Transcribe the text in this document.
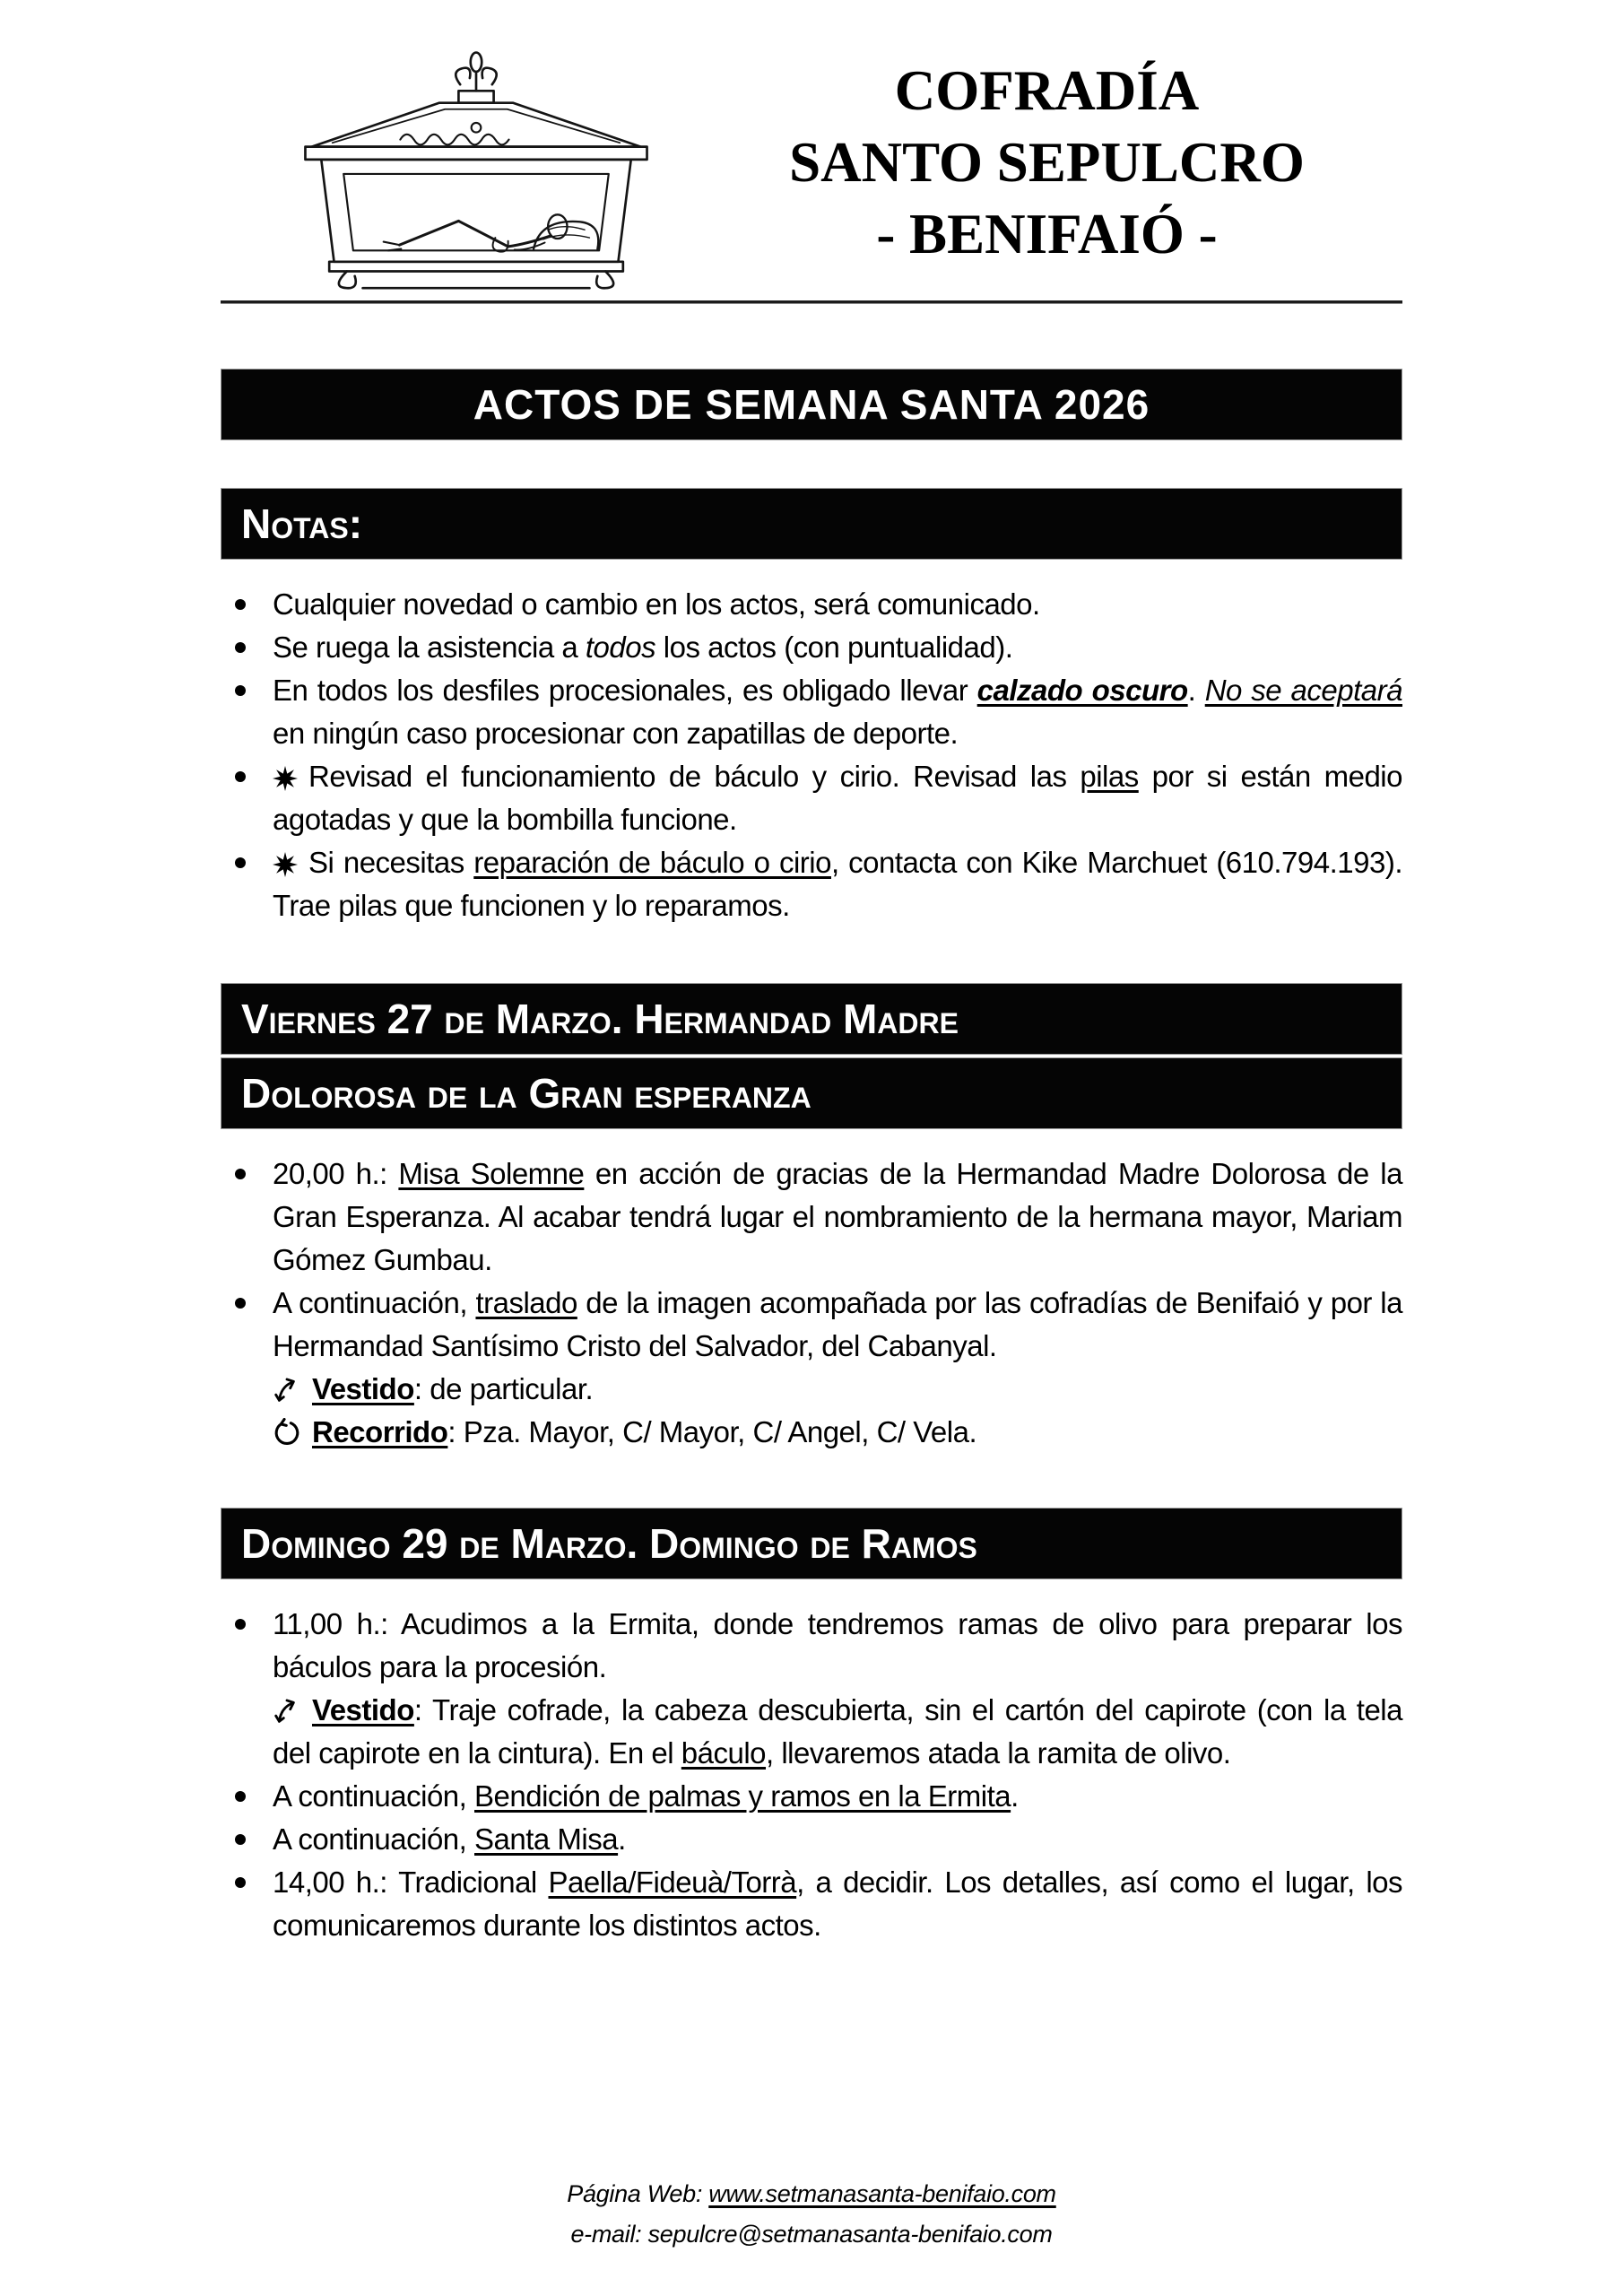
COFRADÍA
SANTO SEPULCRO
- BENIFAIÓ -
ACTOS DE SEMANA SANTA 2026
Notas:
Cualquier novedad o cambio en los actos, será comunicado.
Se ruega la asistencia a todos los actos (con puntualidad).
En todos los desfiles procesionales, es obligado llevar calzado oscuro. No se aceptará en ningún caso procesionar con zapatillas de deporte.
Revisad el funcionamiento de báculo y cirio. Revisad las pilas por si están medio agotadas y que la bombilla funcione.
Si necesitas reparación de báculo o cirio, contacta con Kike Marchuet (610.794.193). Trae pilas que funcionen y lo reparamos.
Viernes 27 de Marzo. Hermandad Madre
Dolorosa de la Gran esperanza
20,00 h.: Misa Solemne en acción de gracias de la Hermandad Madre Dolorosa de la Gran Esperanza. Al acabar tendrá lugar el nombramiento de la hermana mayor, Mariam Gómez Gumbau.
A continuación, traslado de la imagen acompañada por las cofradías de Benifaió y por la Hermandad Santísimo Cristo del Salvador, del Cabanyal.
Vestido: de particular.
Recorrido: Pza. Mayor, C/ Mayor, C/ Angel, C/ Vela.
Domingo 29 de Marzo. Domingo de Ramos
11,00 h.: Acudimos a la Ermita, donde tendremos ramas de olivo para preparar los báculos para la procesión.
Vestido: Traje cofrade, la cabeza descubierta, sin el cartón del capirote (con la tela del capirote en la cintura). En el báculo, llevaremos atada la ramita de olivo.
A continuación, Bendición de palmas y ramos en la Ermita.
A continuación, Santa Misa.
14,00 h.: Tradicional Paella/Fideuà/Torrà, a decidir. Los detalles, así como el lugar, los comunicaremos durante los distintos actos.
Página Web: www.setmanasanta-benifaio.com
e-mail: sepulcre@setmanasanta-benifaio.com
